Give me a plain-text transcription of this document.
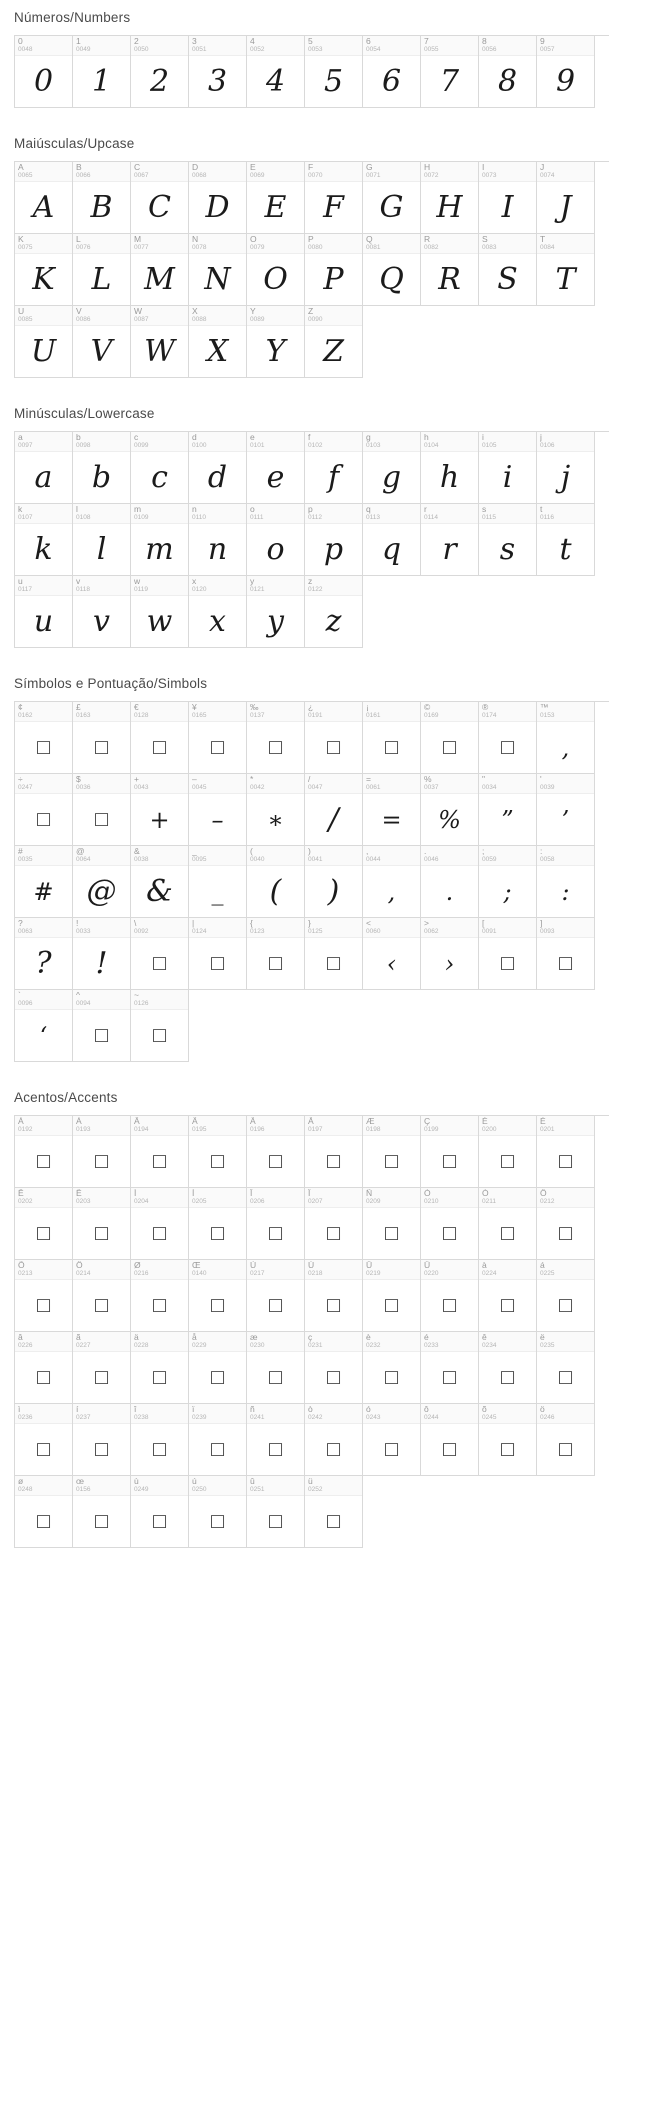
Números/Numbers
0
0048
0
1
0049
1
2
0050
2
3
0051
3
4
0052
4
5
0053
5
6
0054
6
7
0055
7
8
0056
8
9
0057
9
Maiúsculas/Upcase
A
0065
A
B
0066
B
C
0067
C
D
0068
D
E
0069
E
F
0070
F
G
0071
G
H
0072
H
I
0073
I
J
0074
J
K
0075
K
L
0076
L
M
0077
M
N
0078
N
O
0079
O
P
0080
P
Q
0081
Q
R
0082
R
S
0083
S
T
0084
T
U
0085
U
V
0086
V
W
0087
W
X
0088
X
Y
0089
Y
Z
0090
Z
Minúsculas/Lowercase
a
0097
a
b
0098
b
c
0099
c
d
0100
d
e
0101
e
f
0102
f
g
0103
g
h
0104
h
i
0105
i
j
0106
j
k
0107
k
l
0108
l
m
0109
m
n
0110
n
o
0111
o
p
0112
p
q
0113
q
r
0114
r
s
0115
s
t
0116
t
u
0117
u
v
0118
v
w
0119
w
x
0120
x
y
0121
y
z
0122
z
Símbolos e Pontuação/Simbols
¢
0162
□
£
0163
□
€
0128
□
¥
0165
□
‰
0137
□
¿
0191
□
¡
0161
□
©
0169
□
®
0174
□
™
0153
,
÷
0247
□
$
0036
□
+
0043
+
–
0045
–
*
0042
∗
/
0047
/
=
0061
=
%
0037
%
"
0034
”
'
0039
’
#
0035
#
@
0064
@
&
0038
&
_
0095
_
(
0040
(
)
0041
)
,
0044
,
.
0046
.
;
0059
;
:
0058
:
?
0063
?
!
0033
!
\
0092
□
|
0124
□
{
0123
□
}
0125
□
<
0060
‹
>
0062
›
[
0091
□
]
0093
□
`
0096
‘
^
0094
□
~
0126
□
Acentos/Accents
À
0192
□
Á
0193
□
Â
0194
□
Ã
0195
□
Ä
0196
□
Å
0197
□
Æ
0198
□
Ç
0199
□
È
0200
□
É
0201
□
Ê
0202
□
Ë
0203
□
Ì
0204
□
Í
0205
□
Î
0206
□
Ï
0207
□
Ñ
0209
□
Ò
0210
□
Ó
0211
□
Ô
0212
□
Õ
0213
□
Ö
0214
□
Ø
0216
□
Œ
0140
□
Ù
0217
□
Ú
0218
□
Û
0219
□
Ü
0220
□
à
0224
□
á
0225
□
â
0226
□
ã
0227
□
ä
0228
□
å
0229
□
æ
0230
□
ç
0231
□
è
0232
□
é
0233
□
ê
0234
□
ë
0235
□
ì
0236
□
í
0237
□
î
0238
□
ï
0239
□
ñ
0241
□
ò
0242
□
ó
0243
□
ô
0244
□
õ
0245
□
ö
0246
□
ø
0248
□
œ
0156
□
ù
0249
□
ú
0250
□
û
0251
□
ü
0252
□
